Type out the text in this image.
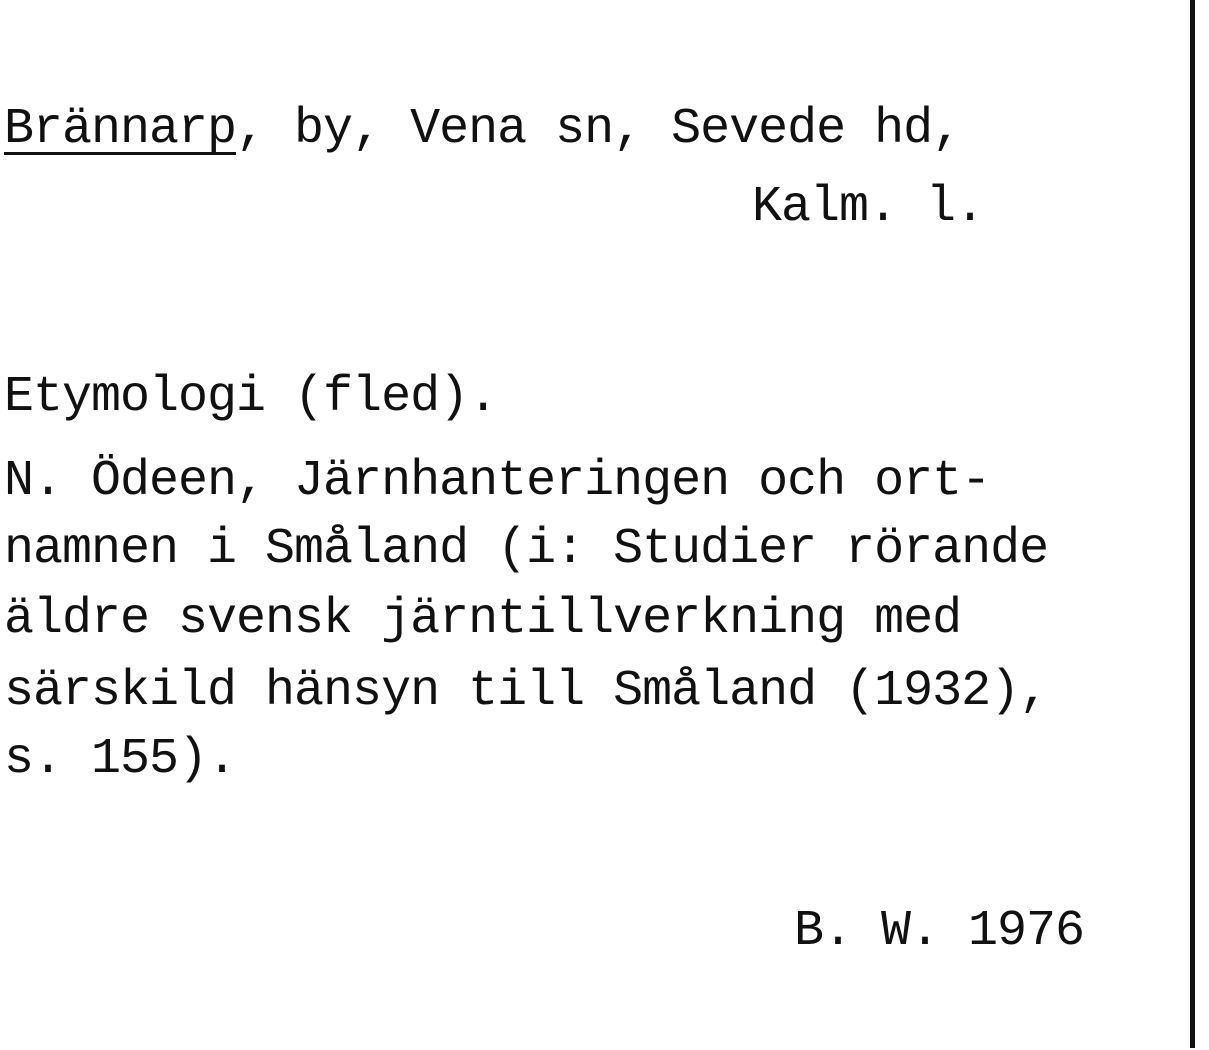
Brännarp, by, Vena sn, Sevede hd,
Kalm. l.
Etymologi (fled).
N. Ödeen, Järnhanteringen och ort-
namnen i Småland (i: Studier rörande
äldre svensk järntillverkning med
särskild hänsyn till Småland (1932),
s. 155).
B. W. 1976
